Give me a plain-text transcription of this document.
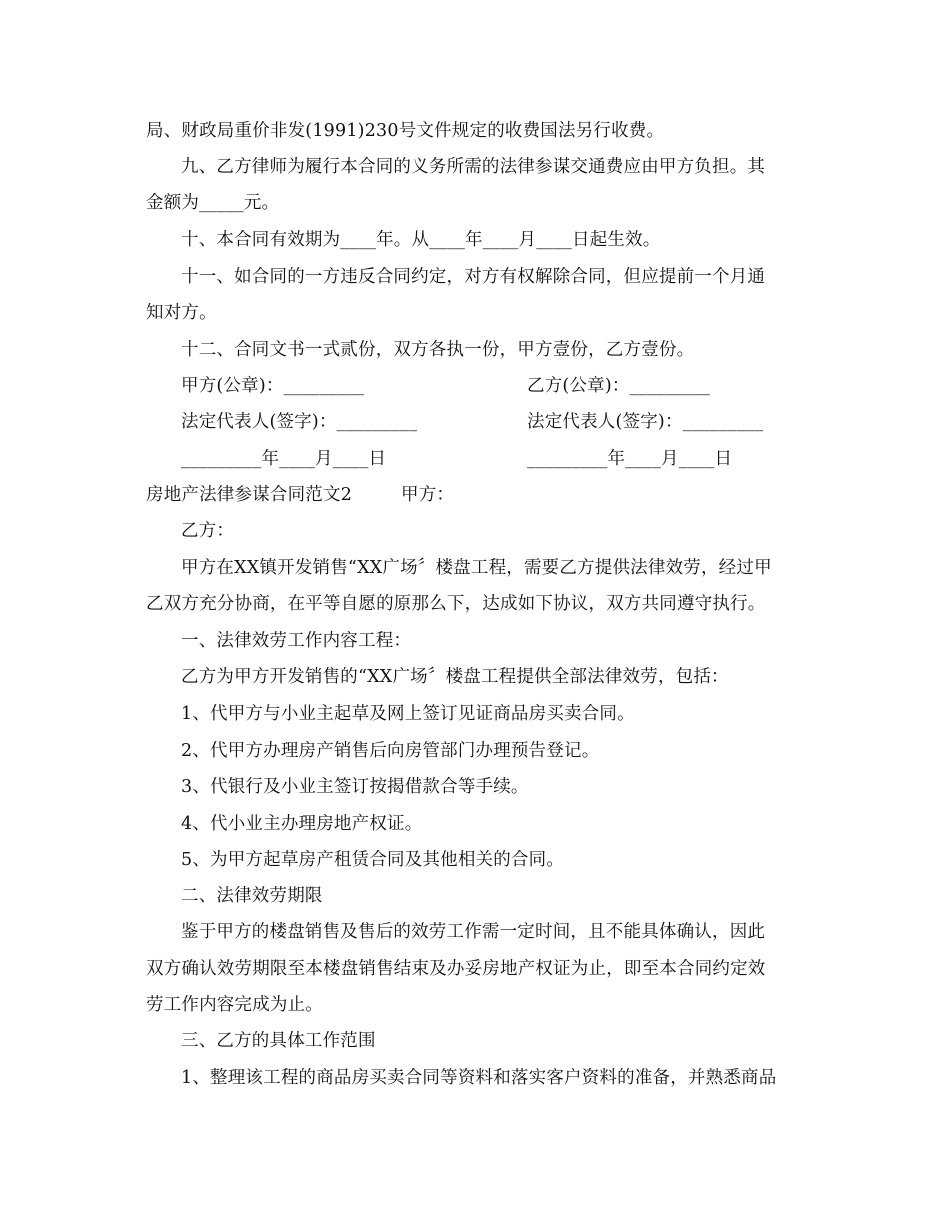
局、财政局重价非发(1991)230号文件规定的收费国法另行收费。
九、乙方律师为履行本合同的义务所需的法律参谋交通费应由甲方负担。其
金额为_____元。
十、本合同有效期为____年。从____年____月____日起生效。
十一、如合同的一方违反合同约定，对方有权解除合同，但应提前一个月通
知对方。
十二、合同文书一式贰份，双方各执一份，甲方壹份，乙方壹份。
甲方(公章)：_________	乙方(公章)：_________
法定代表人(签字)：_________	法定代表人(签字)：_________
_________年____月____日	_________年____月____日
房地产法律参谋合同范文2	甲方：
乙方：
甲方在XX镇开发销售“XX广场〞楼盘工程，需要乙方提供法律效劳，经过甲
乙双方充分协商，在平等自愿的原那么下，达成如下协议，双方共同遵守执行。
一、法律效劳工作内容工程：
乙方为甲方开发销售的“XX广场〞楼盘工程提供全部法律效劳，包括：
1、代甲方与小业主起草及网上签订见证商品房买卖合同。
2、代甲方办理房产销售后向房管部门办理预告登记。
3、代银行及小业主签订按揭借款合等手续。
4、代小业主办理房地产权证。
5、为甲方起草房产租赁合同及其他相关的合同。
二、法律效劳期限
鉴于甲方的楼盘销售及售后的效劳工作需一定时间，且不能具体确认，因此
双方确认效劳期限至本楼盘销售结束及办妥房地产权证为止，即至本合同约定效
劳工作内容完成为止。
三、乙方的具体工作范围
1、整理该工程的商品房买卖合同等资料和落实客户资料的准备，并熟悉商品
